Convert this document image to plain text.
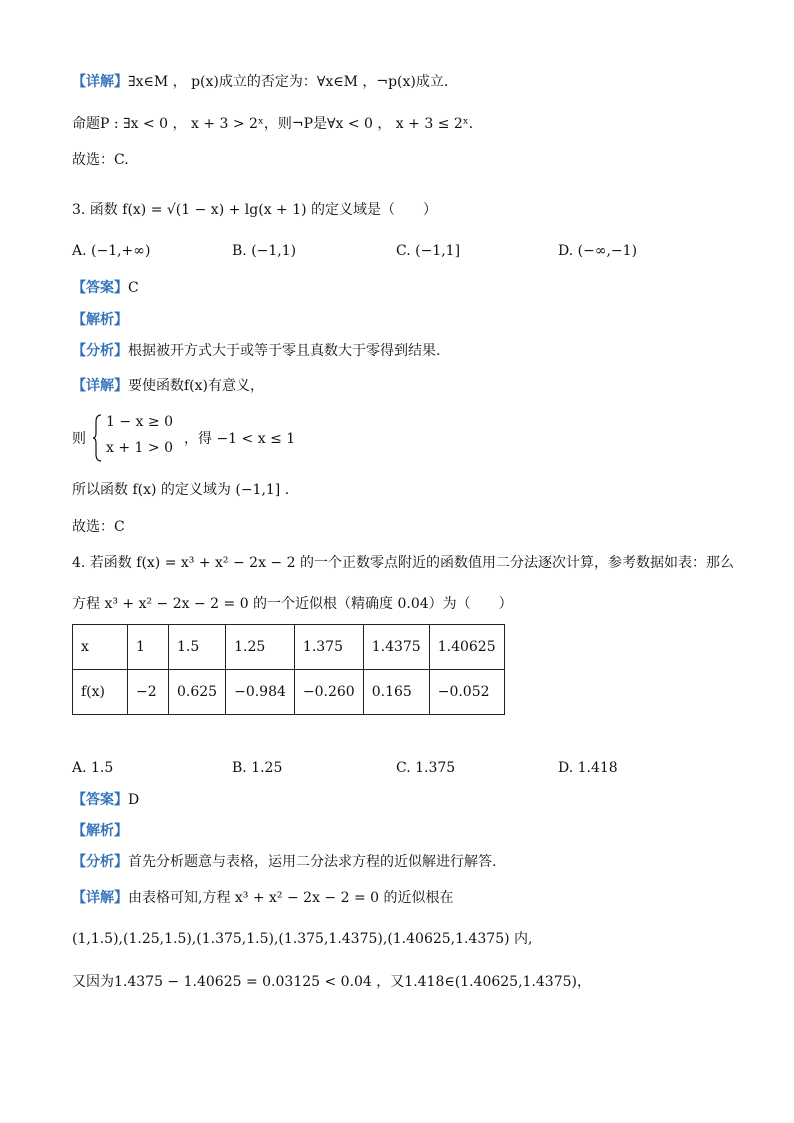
【详解】∃x∈M ， p(x)成立的否定为：∀x∈M ，¬p(x)成立．
命题P : ∃x < 0 ， x + 3 > 2ˣ，则¬P是∀x < 0 ， x + 3 ≤ 2ˣ．
故选：C.
3. 函数 f(x) = √(1 − x) + lg(x + 1) 的定义域是（　　）
A. (−1,+∞)	B. (−1,1)	C. (−1,1]	D. (−∞,−1)
【答案】C
【解析】
【分析】根据被开方式大于或等于零且真数大于零得到结果.
【详解】要使函数f(x)有意义，
则
1 − x ≥ 0
x + 1 > 0
，得 −1 < x ≤ 1
所以函数 f(x) 的定义域为 (−1,1] .
故选：C
4. 若函数 f(x) = x³ + x² − 2x − 2 的一个正数零点附近的函数值用二分法逐次计算，参考数据如表：那么
方程 x³ + x² − 2x − 2 = 0 的一个近似根（精确度 0.04）为（　　）
x	1	1.5	1.25	1.375	1.4375	1.40625
f(x)	−2	0.625	−0.984	−0.260	0.165	−0.052
A. 1.5	B. 1.25	C. 1.375	D. 1.418
【答案】D
【解析】
【分析】首先分析题意与表格，运用二分法求方程的近似解进行解答.
【详解】由表格可知,方程 x³ + x² − 2x − 2 = 0 的近似根在
(1,1.5),(1.25,1.5),(1.375,1.5),(1.375,1.4375),(1.40625,1.4375) 内,
又因为1.4375 − 1.40625 = 0.03125 < 0.04 ，又1.418∈(1.40625,1.4375)，
